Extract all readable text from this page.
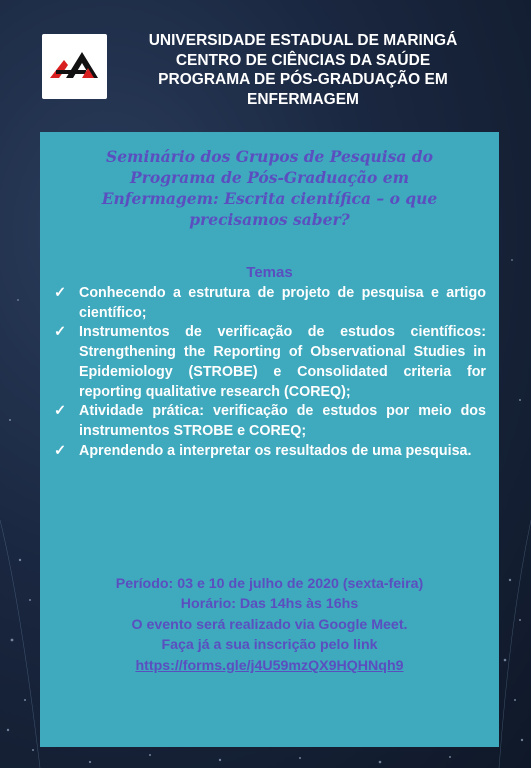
UNIVERSIDADE ESTADUAL DE MARINGÁ
CENTRO DE CIÊNCIAS DA SAÚDE
PROGRAMA DE PÓS-GRADUAÇÃO EM
ENFERMAGEM
Seminário dos Grupos de Pesquisa do
Programa de Pós-Graduação em
Enfermagem: Escrita científica – o que
precisamos saber?
Temas
✓ Conhecendo a estrutura de projeto de pesquisa e artigo científico;
✓ Instrumentos de verificação de estudos científicos: Strengthening the Reporting of Observational Studies in Epidemiology (STROBE) e Consolidated criteria for reporting qualitative research (COREQ);
✓ Atividade prática: verificação de estudos por meio dos instrumentos STROBE e COREQ;
✓ Aprendendo a interpretar os resultados de uma pesquisa.
Período: 03 e 10 de julho de 2020 (sexta-feira)
Horário: Das 14hs às 16hs
O evento será realizado via Google Meet.
Faça já a sua inscrição pelo link
https://forms.gle/j4U59mzQX9HQHNqh9
